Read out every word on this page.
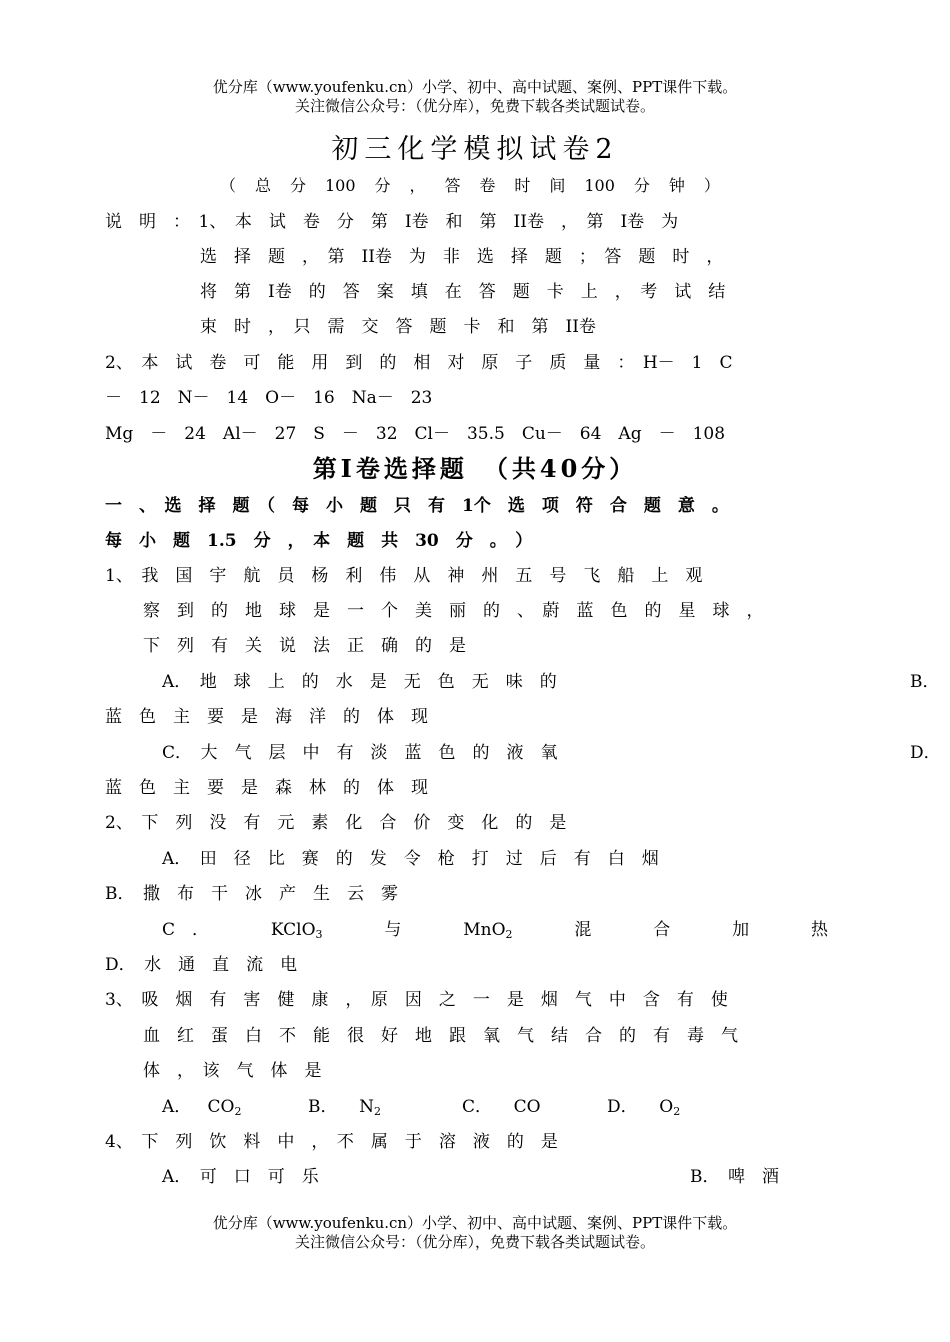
优分库（www.youfenku.cn）小学、初中、高中试题、案例、PPT课件下载。
关注微信公众号：（优分库），免费下载各类试题试卷。
初三化学模拟试卷2
（ 总 分 100 分 ， 答 卷 时 间 100 分 钟 ）
说　明　：　1、　本　试　卷　分　第　I卷　和　第　II卷　，　第　I卷　为
选　择　题　，　第　II卷　为　非　选　择　题　；　答　题　时　，
将　第　I卷　的　答　案　填　在　答　题　卡　上　，　考　试　结
束　时　，　只　需　交　答　题　卡　和　第　II卷
2、　本　试　卷　可　能　用　到　的　相　对　原　子　质　量　：　H－　1　C
－　12　N－　14　O－　16　Na－　23
Mg　－　24　Al－　27　S　－　32　Cl－　35.5　Cu－　64　Ag　－　108
第I卷选择题　（共40分）
一　、　选　择　题　（　每　小　题　只　有　1个　选　项　符　合　题　意　。
每　小　题　1.5　分　，　本　题　共　30　分　。　）
1、　我　国　宇　航　员　杨　利　伟　从　神　州　五　号　飞　船　上　观
察　到　的　地　球　是　一　个　美　丽　的　、　蔚　蓝　色　的　星　球　，
下　列　有　关　说　法　正　确　的　是
A．　地　球　上　的　水　是　无　色　无　味　的	B．
蓝　色　主　要　是　海　洋　的　体　现
C．　大　气　层　中　有　淡　蓝　色　的　液　氧	D．
蓝　色　主　要　是　森　林　的　体　现
2、　下　列　没　有　元　素　化　合　价　变　化　的　是
A．　田　径　比　赛　的　发　令　枪　打　过　后　有　白　烟
B．　撒　布　干　冰　产　生　云　雾
C　．	KClO$_3$	与	MnO$_2$	混	合	加	热
D．　水　通　直　流　电
3、　吸　烟　有　害　健　康　，　原　因　之　一　是　烟　气　中　含　有　使
血　红　蛋　白　不　能　很　好　地　跟　氧　气　结　合　的　有　毒　气
体　，　该　气　体　是
A． $CO_2$	B． $N_2$	C． CO	D． $O_2$
4、　下　列　饮　料　中　，　不　属　于　溶　液　的　是
A．　可　口　可　乐	B．　啤　酒
优分库（www.youfenku.cn）小学、初中、高中试题、案例、PPT课件下载。
关注微信公众号：（优分库），免费下载各类试题试卷。
